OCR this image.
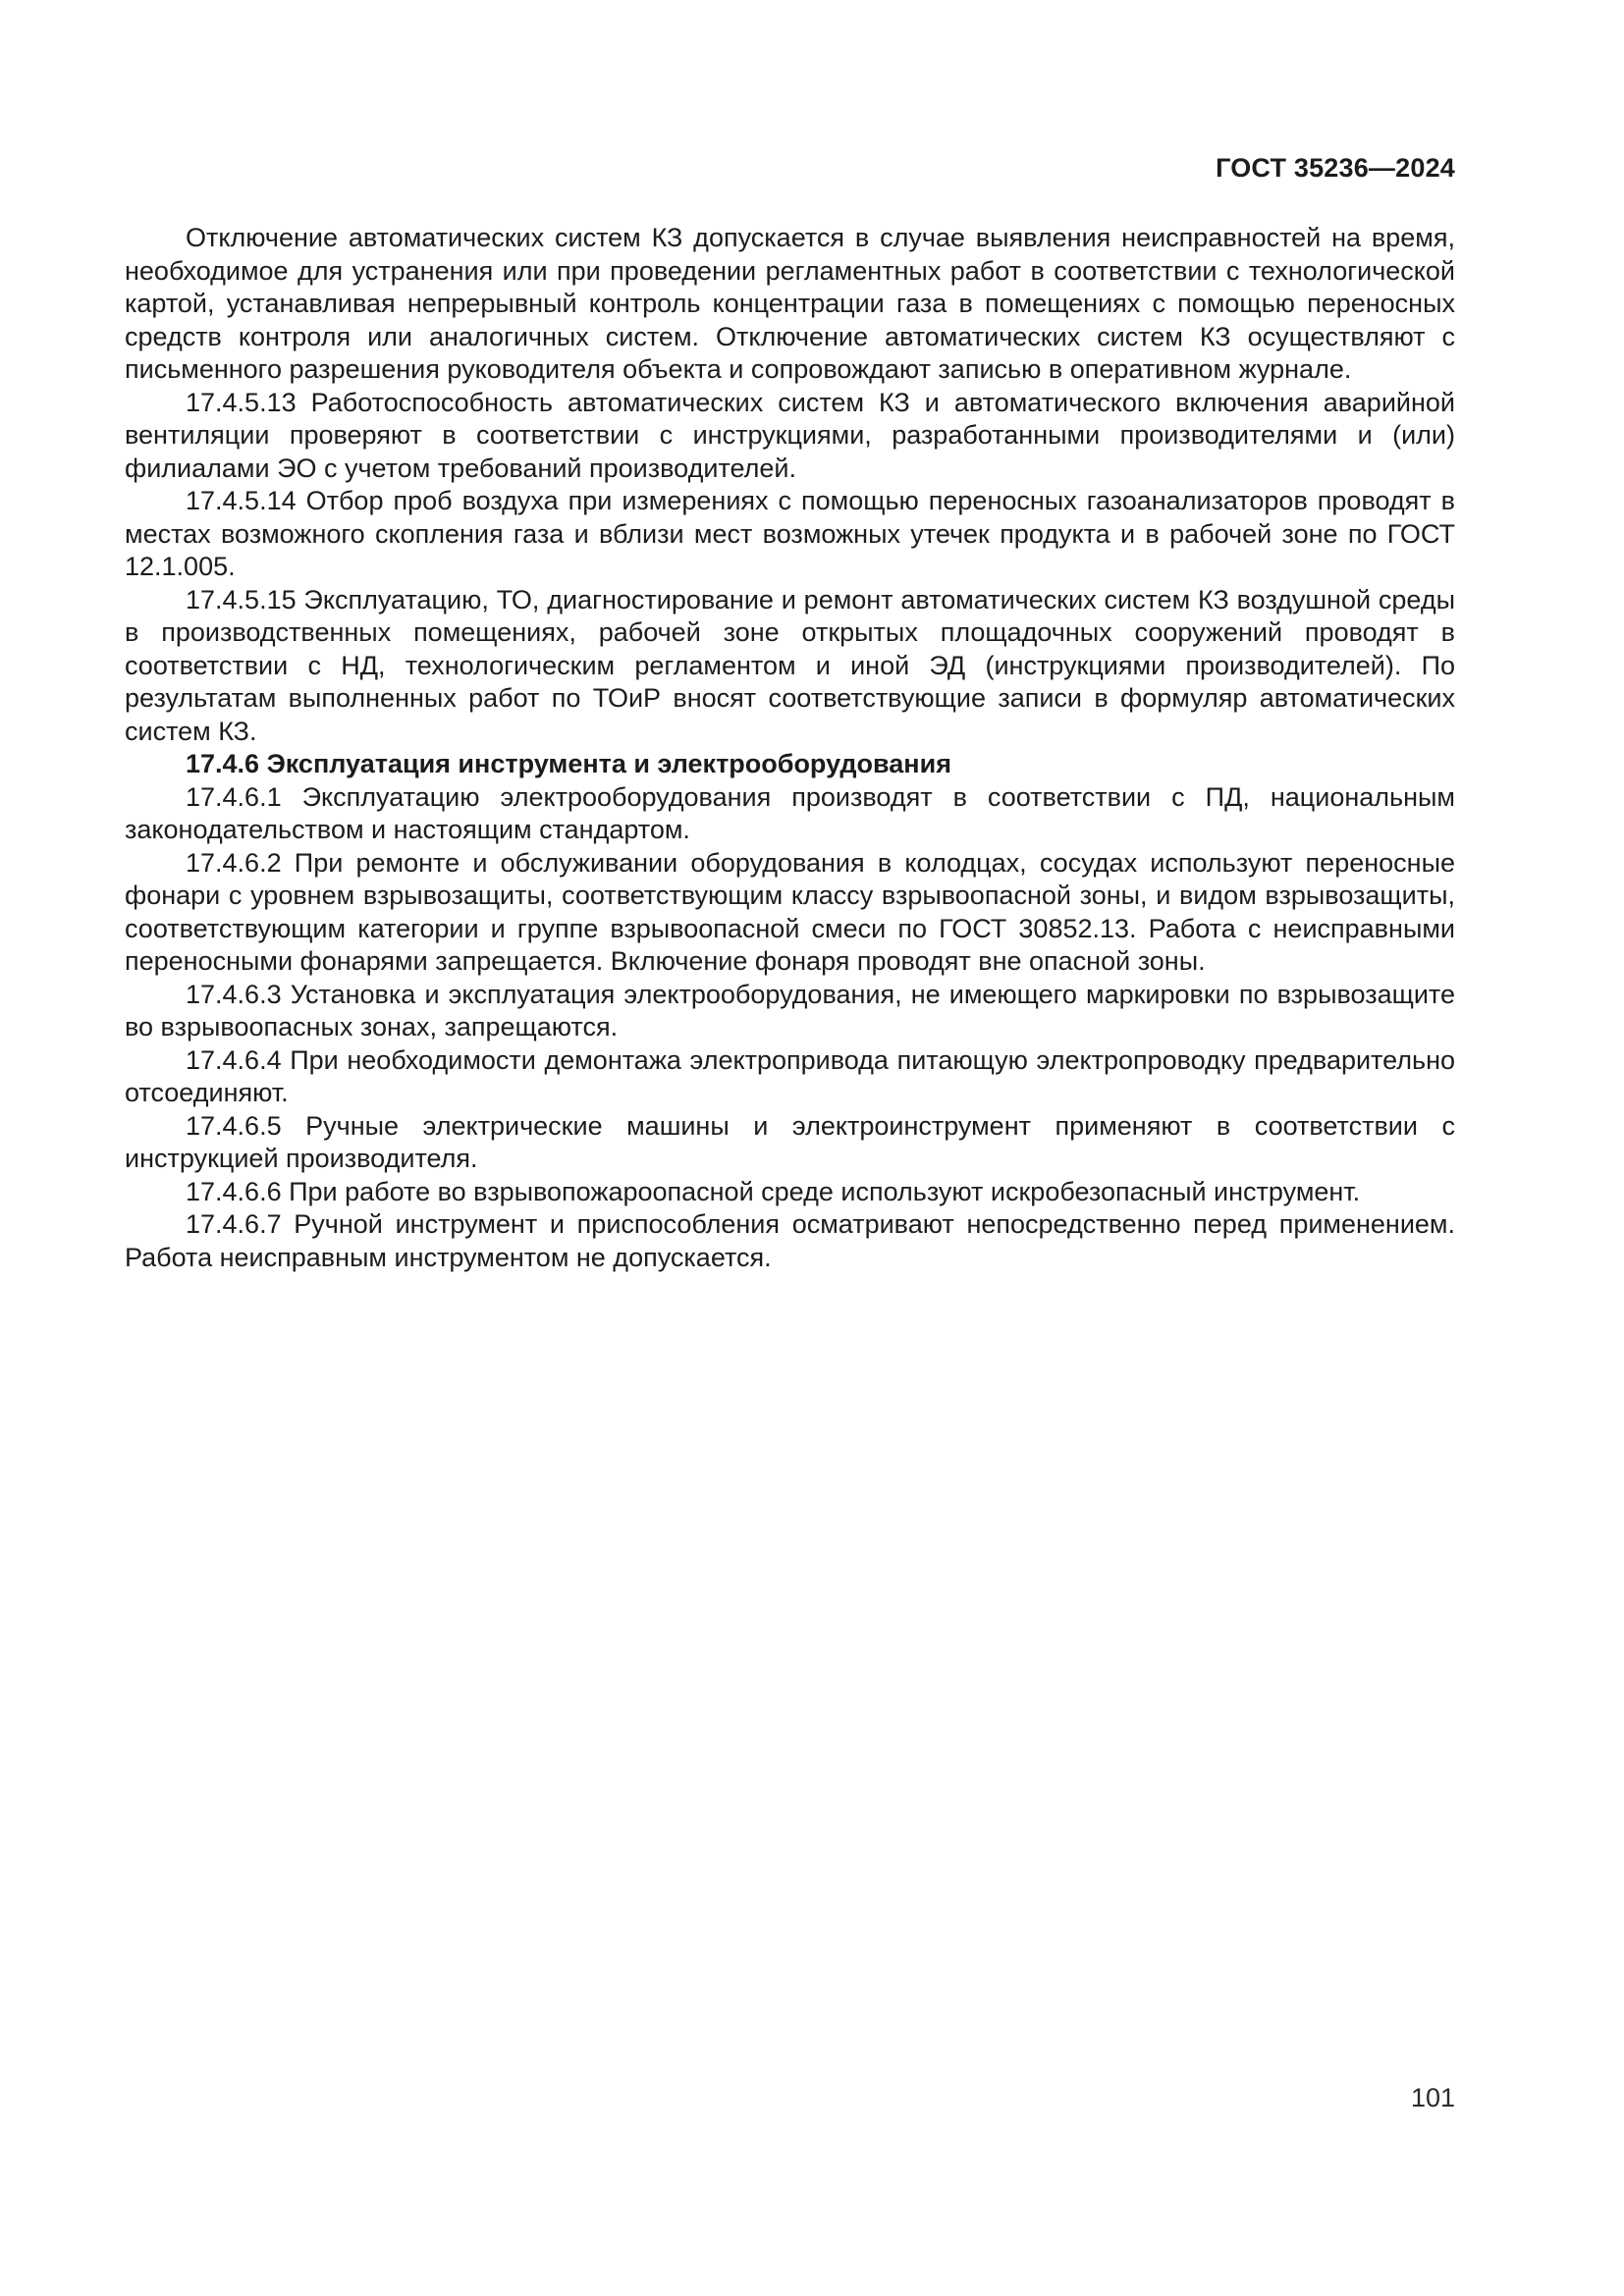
ГОСТ 35236—2024

Отключение автоматических систем КЗ допускается в случае выявления неисправностей на время, необходимое для устранения или при проведении регламентных работ в соответствии с технологической картой, устанавливая непрерывный контроль концентрации газа в помещениях с помощью переносных средств контроля или аналогичных систем. Отключение автоматических систем КЗ осуществляют с письменного разрешения руководителя объекта и сопровождают записью в оперативном журнале.

17.4.5.13 Работоспособность автоматических систем КЗ и автоматического включения аварийной вентиляции проверяют в соответствии с инструкциями, разработанными производителями и (или) филиалами ЭО с учетом требований производителей.

17.4.5.14 Отбор проб воздуха при измерениях с помощью переносных газоанализаторов проводят в местах возможного скопления газа и вблизи мест возможных утечек продукта и в рабочей зоне по ГОСТ 12.1.005.

17.4.5.15 Эксплуатацию, ТО, диагностирование и ремонт автоматических систем КЗ воздушной среды в производственных помещениях, рабочей зоне открытых площадочных сооружений проводят в соответствии с НД, технологическим регламентом и иной ЭД (инструкциями производителей). По результатам выполненных работ по ТОиР вносят соответствующие записи в формуляр автоматических систем КЗ.

17.4.6 Эксплуатация инструмента и электрооборудования

17.4.6.1 Эксплуатацию электрооборудования производят в соответствии с ПД, национальным законодательством и настоящим стандартом.

17.4.6.2 При ремонте и обслуживании оборудования в колодцах, сосудах используют переносные фонари с уровнем взрывозащиты, соответствующим классу взрывоопасной зоны, и видом взрывозащиты, соответствующим категории и группе взрывоопасной смеси по ГОСТ 30852.13. Работа с неисправными переносными фонарями запрещается. Включение фонаря проводят вне опасной зоны.

17.4.6.3 Установка и эксплуатация электрооборудования, не имеющего маркировки по взрывозащите во взрывоопасных зонах, запрещаются.

17.4.6.4 При необходимости демонтажа электропривода питающую электропроводку предварительно отсоединяют.

17.4.6.5 Ручные электрические машины и электроинструмент применяют в соответствии с инструкцией производителя.

17.4.6.6 При работе во взрывопожароопасной среде используют искробезопасный инструмент.

17.4.6.7 Ручной инструмент и приспособления осматривают непосредственно перед применением. Работа неисправным инструментом не допускается.

101
